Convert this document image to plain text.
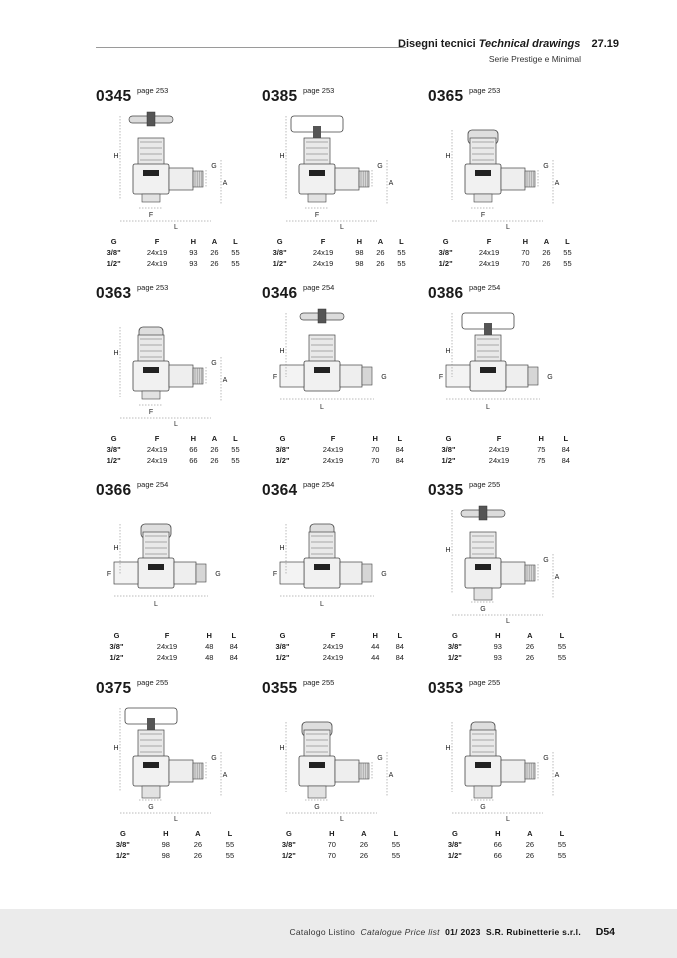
Disegni tecnici Technical drawings 27.19
Serie Prestige e Minimal
0345 page 253
H
G
A
F
L
G	F	H	A	L
3/8"	24x19	93	26	55
1/2"	24x19	93	26	55
0385 page 253
H
G
A
F
L
G	F	H	A	L
3/8"	24x19	98	26	55
1/2"	24x19	98	26	55
0365 page 253
H
G
A
F
L
G	F	H	A	L
3/8"	24x19	70	26	55
1/2"	24x19	70	26	55
0363 page 253
H
G
A
F
L
G	F	H	A	L
3/8"	24x19	66	26	55
1/2"	24x19	66	26	55
0346 page 254
H
F	G
L
G	F	H	L
3/8"	24x19	70	84
1/2"	24x19	70	84
0386 page 254
H
F	G
L
G	F	H	L
3/8"	24x19	75	84
1/2"	24x19	75	84
0366 page 254
H
F	G
L
G	F	H	L
3/8"	24x19	48	84
1/2"	24x19	48	84
0364 page 254
H
F	G
L
G	F	H	L
3/8"	24x19	44	84
1/2"	24x19	44	84
0335 page 255
H
G
A
G
L
G	H	A	L
3/8"	93	26	55
1/2"	93	26	55
0375 page 255
H
G
A
G
L
G	H	A	L
3/8"	98	26	55
1/2"	98	26	55
0355 page 255
H
G
A
G
L
G	H	A	L
3/8"	70	26	55
1/2"	70	26	55
0353 page 255
H
G
A
G
L
G	H	A	L
3/8"	66	26	55
1/2"	66	26	55
Catalogo Listino Catalogue Price list 01/ 2023 S.R. Rubinetterie s.r.l. D54
